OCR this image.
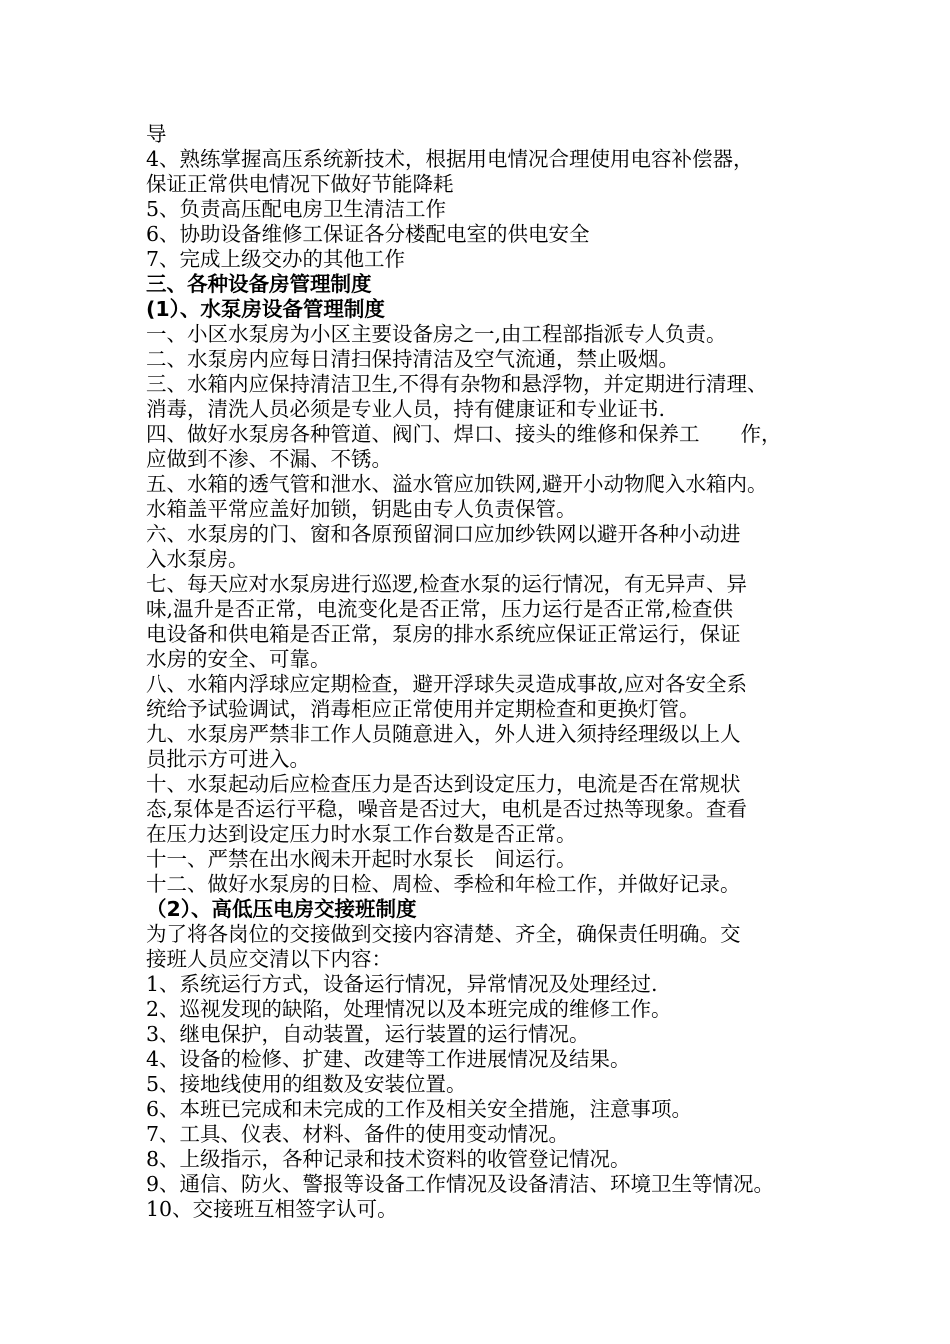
导
4、熟练掌握高压系统新技术，根据用电情况合理使用电容补偿器，
保证正常供电情况下做好节能降耗
5、负责高压配电房卫生清洁工作
6、协助设备维修工保证各分楼配电室的供电安全
7、完成上级交办的其他工作
三、各种设备房管理制度
(1）、水泵房设备管理制度
一、小区水泵房为小区主要设备房之一,由工程部指派专人负责。
二、水泵房内应每日清扫保持清洁及空气流通，禁止吸烟。
三、水箱内应保持清洁卫生,不得有杂物和悬浮物，并定期进行清理、
消毒，清洗人员必须是专业人员，持有健康证和专业证书.
四、做好水泵房各种管道、阀门、焊口、接头的维修和保养工　　作，
应做到不渗、不漏、不锈。
五、水箱的透气管和泄水、溢水管应加铁网,避开小动物爬入水箱内。
水箱盖平常应盖好加锁，钥匙由专人负责保管。
六、水泵房的门、窗和各原预留洞口应加纱铁网以避开各种小动进
入水泵房。
七、每天应对水泵房进行巡逻,检查水泵的运行情况，有无异声、异
味,温升是否正常，电流变化是否正常，压力运行是否正常,检查供
电设备和供电箱是否正常，泵房的排水系统应保证正常运行，保证
水房的安全、可靠。
八、水箱内浮球应定期检查，避开浮球失灵造成事故,应对各安全系
统给予试验调试，消毒柜应正常使用并定期检查和更换灯管。
九、水泵房严禁非工作人员随意进入，外人进入须持经理级以上人
员批示方可进入。
十、水泵起动后应检查压力是否达到设定压力，电流是否在常规状
态,泵体是否运行平稳，噪音是否过大，电机是否过热等现象。查看
在压力达到设定压力时水泵工作台数是否正常。
十一、严禁在出水阀未开起时水泵长　间运行。
十二、做好水泵房的日检、周检、季检和年检工作，并做好记录。
（2）、高低压电房交接班制度
为了将各岗位的交接做到交接内容清楚、齐全，确保责任明确。交
接班人员应交清以下内容：
1、系统运行方式，设备运行情况，异常情况及处理经过.
2、巡视发现的缺陷，处理情况以及本班完成的维修工作。
3、继电保护，自动装置，运行装置的运行情况。
4、设备的检修、扩建、改建等工作进展情况及结果。
5、接地线使用的组数及安装位置。
6、本班已完成和未完成的工作及相关安全措施，注意事项。
7、工具、仪表、材料、备件的使用变动情况。
8、上级指示，各种记录和技术资料的收管登记情况。
9、通信、防火、警报等设备工作情况及设备清洁、环境卫生等情况。
10、交接班互相签字认可。
